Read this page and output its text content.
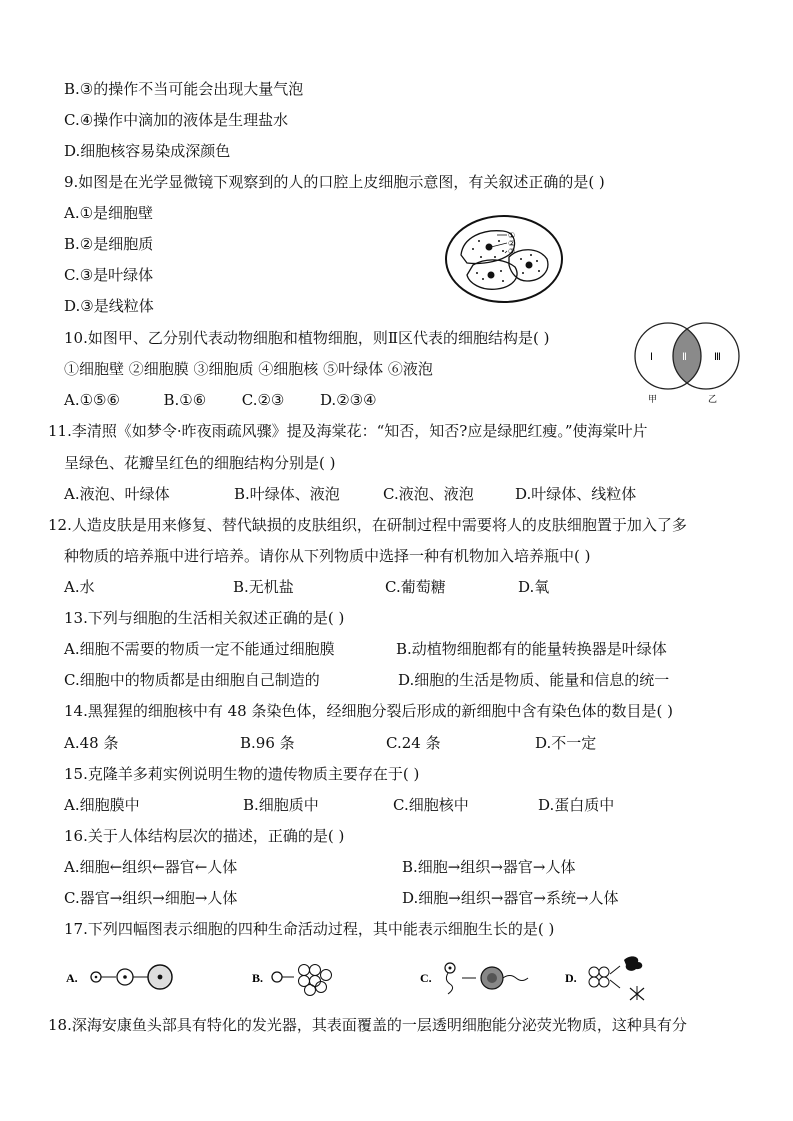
B.③的操作不当可能会出现大量气泡
C.④操作中滴加的液体是生理盐水
D.细胞核容易染成深颜色
9.如图是在光学显微镜下观察到的人的口腔上皮细胞示意图，有关叙述正确的是( )
A.①是细胞壁
B.②是细胞质
C.③是叶绿体
D.③是线粒体
①
②
③
10.如图甲、乙分别代表动物细胞和植物细胞，则Ⅱ区代表的细胞结构是( )
①细胞壁 ②细胞膜 ③细胞质 ④细胞核 ⑤叶绿体 ⑥液泡
A.①⑤⑥	B.①⑥ C.②③ D.②③④
Ⅰ	Ⅱ	Ⅲ
甲	乙
11.李清照《如梦令·昨夜雨疏风骤》提及海棠花：“知否，知否?应是绿肥红瘦。”使海棠叶片
呈绿色、花瓣呈红色的细胞结构分别是( )
A.液泡、叶绿体	B.叶绿体、液泡	C.液泡、液泡	D.叶绿体、线粒体
12.人造皮肤是用来修复、替代缺损的皮肤组织，在研制过程中需要将人的皮肤细胞置于加入了多
种物质的培养瓶中进行培养。请你从下列物质中选择一种有机物加入培养瓶中( )
A.水	B.无机盐	C.葡萄糖	D.氧
13.下列与细胞的生活相关叙述正确的是( )
A.细胞不需要的物质一定不能通过细胞膜	B.动植物细胞都有的能量转换器是叶绿体
C.细胞中的物质都是由细胞自己制造的	D.细胞的生活是物质、能量和信息的统一
14.黑猩猩的细胞核中有 48 条染色体，经细胞分裂后形成的新细胞中含有染色体的数目是( )
A.48 条	B.96 条	C.24 条	D.不一定
15.克隆羊多莉实例说明生物的遗传物质主要存在于( )
A.细胞膜中	B.细胞质中	C.细胞核中	D.蛋白质中
16.关于人体结构层次的描述，正确的是( )
A.细胞←组织←器官←人体	B.细胞→组织→器官→人体
C.器官→组织→细胞→人体	D.细胞→组织→器官→系统→人体
17.下列四幅图表示细胞的四种生命活动过程，其中能表示细胞生长的是( )
A.	B.	C.	D.
18.深海安康鱼头部具有特化的发光器，其表面覆盖的一层透明细胞能分泌荧光物质，这种具有分
